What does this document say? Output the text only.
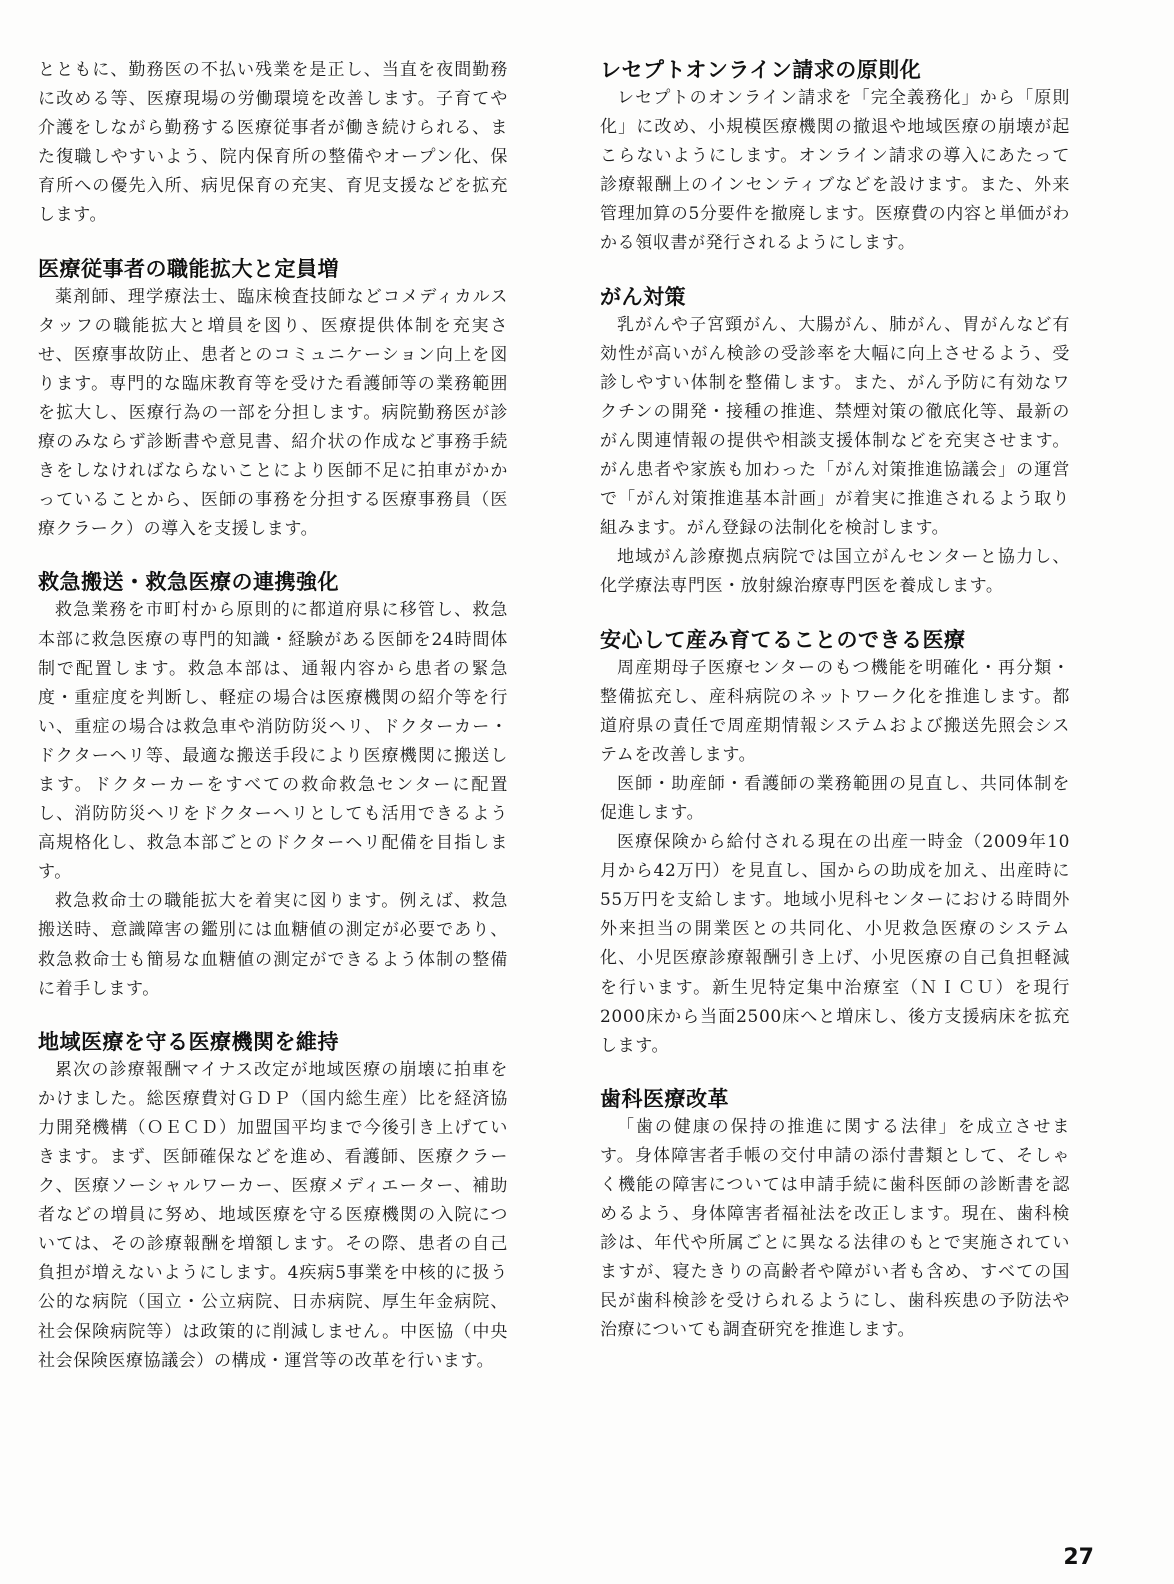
とともに、勤務医の不払い残業を是正し、当直を夜間勤務に改める等、医療現場の労働環境を改善します。子育てや介護をしながら勤務する医療従事者が働き続けられる、また復職しやすいよう、院内保育所の整備やオープン化、保育所への優先入所、病児保育の充実、育児支援などを拡充します。

医療従事者の職能拡大と定員増

薬剤師、理学療法士、臨床検査技師などコメディカルスタッフの職能拡大と増員を図り、医療提供体制を充実させ、医療事故防止、患者とのコミュニケーション向上を図ります。専門的な臨床教育等を受けた看護師等の業務範囲を拡大し、医療行為の一部を分担します。病院勤務医が診療のみならず診断書や意見書、紹介状の作成など事務手続きをしなければならないことにより医師不足に拍車がかかっていることから、医師の事務を分担する医療事務員（医療クラーク）の導入を支援します。

救急搬送・救急医療の連携強化

救急業務を市町村から原則的に都道府県に移管し、救急本部に救急医療の専門的知識・経験がある医師を24時間体制で配置します。救急本部は、通報内容から患者の緊急度・重症度を判断し、軽症の場合は医療機関の紹介等を行い、重症の場合は救急車や消防防災ヘリ、ドクターカー・ドクターヘリ等、最適な搬送手段により医療機関に搬送します。ドクターカーをすべての救命救急センターに配置し、消防防災ヘリをドクターヘリとしても活用できるよう高規格化し、救急本部ごとのドクターヘリ配備を目指します。

救急救命士の職能拡大を着実に図ります。例えば、救急搬送時、意識障害の鑑別には血糖値の測定が必要であり、救急救命士も簡易な血糖値の測定ができるよう体制の整備に着手します。

地域医療を守る医療機関を維持

累次の診療報酬マイナス改定が地域医療の崩壊に拍車をかけました。総医療費対ＧＤＰ（国内総生産）比を経済協力開発機構（ＯＥＣＤ）加盟国平均まで今後引き上げていきます。まず、医師確保などを進め、看護師、医療クラーク、医療ソーシャルワーカー、医療メディエーター、補助者などの増員に努め、地域医療を守る医療機関の入院については、その診療報酬を増額します。その際、患者の自己負担が増えないようにします。4疾病5事業を中核的に扱う公的な病院（国立・公立病院、日赤病院、厚生年金病院、社会保険病院等）は政策的に削減しません。中医協（中央社会保険医療協議会）の構成・運営等の改革を行います。

レセプトオンライン請求の原則化

レセプトのオンライン請求を「完全義務化」から「原則化」に改め、小規模医療機関の撤退や地域医療の崩壊が起こらないようにします。オンライン請求の導入にあたって診療報酬上のインセンティブなどを設けます。また、外来管理加算の5分要件を撤廃します。医療費の内容と単価がわかる領収書が発行されるようにします。

がん対策

乳がんや子宮頸がん、大腸がん、肺がん、胃がんなど有効性が高いがん検診の受診率を大幅に向上させるよう、受診しやすい体制を整備します。また、がん予防に有効なワクチンの開発・接種の推進、禁煙対策の徹底化等、最新のがん関連情報の提供や相談支援体制などを充実させます。がん患者や家族も加わった「がん対策推進協議会」の運営で「がん対策推進基本計画」が着実に推進されるよう取り組みます。がん登録の法制化を検討します。

地域がん診療拠点病院では国立がんセンターと協力し、化学療法専門医・放射線治療専門医を養成します。

安心して産み育てることのできる医療

周産期母子医療センターのもつ機能を明確化・再分類・整備拡充し、産科病院のネットワーク化を推進します。都道府県の責任で周産期情報システムおよび搬送先照会システムを改善します。

医師・助産師・看護師の業務範囲の見直し、共同体制を促進します。

医療保険から給付される現在の出産一時金（2009年10月から42万円）を見直し、国からの助成を加え、出産時に55万円を支給します。地域小児科センターにおける時間外外来担当の開業医との共同化、小児救急医療のシステム化、小児医療診療報酬引き上げ、小児医療の自己負担軽減を行います。新生児特定集中治療室（ＮＩＣＵ）を現行2000床から当面2500床へと増床し、後方支援病床を拡充します。

歯科医療改革

「歯の健康の保持の推進に関する法律」を成立させます。身体障害者手帳の交付申請の添付書類として、そしゃく機能の障害については申請手続に歯科医師の診断書を認めるよう、身体障害者福祉法を改正します。現在、歯科検診は、年代や所属ごとに異なる法律のもとで実施されていますが、寝たきりの高齢者や障がい者も含め、すべての国民が歯科検診を受けられるようにし、歯科疾患の予防法や治療についても調査研究を推進します。

27
